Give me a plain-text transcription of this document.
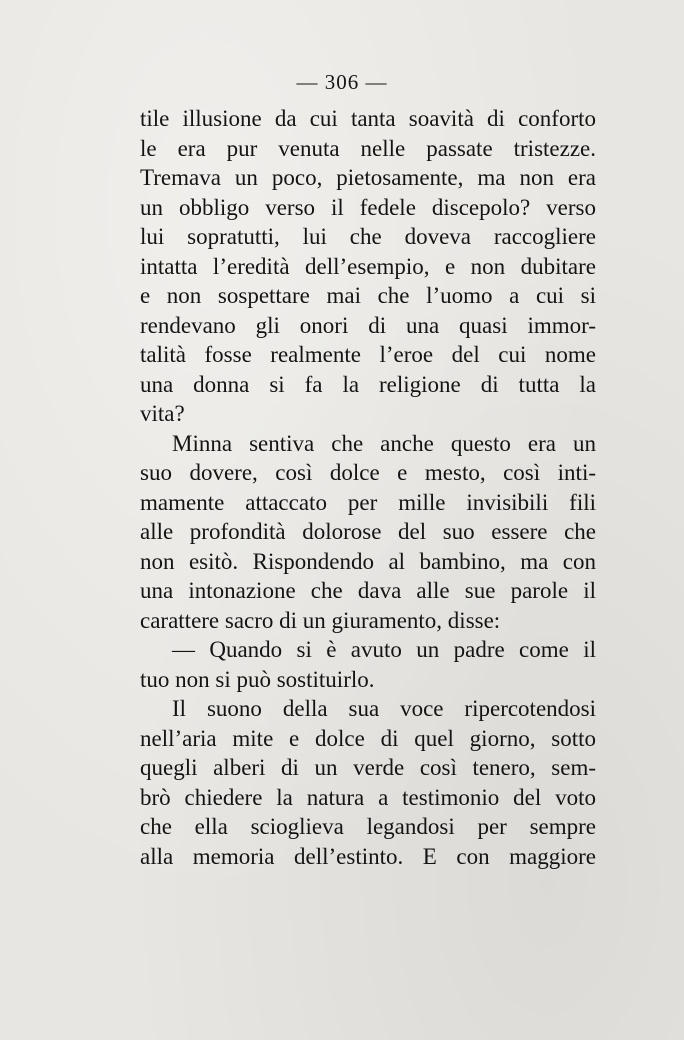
— 306 —
tile illusione da cui tanta soavità di conforto
le era pur venuta nelle passate tristezze.
Tremava un poco, pietosamente, ma non era
un obbligo verso il fedele discepolo? verso
lui sopratutti, lui che doveva raccogliere
intatta l’eredità dell’esempio, e non dubitare
e non sospettare mai che l’uomo a cui si
rendevano gli onori di una quasi immor-
talità fosse realmente l’eroe del cui nome
una donna si fa la religione di tutta la
vita?
Minna sentiva che anche questo era un
suo dovere, così dolce e mesto, così inti-
mamente attaccato per mille invisibili fili
alle profondità dolorose del suo essere che
non esitò. Rispondendo al bambino, ma con
una intonazione che dava alle sue parole il
carattere sacro di un giuramento, disse:
— Quando si è avuto un padre come il
tuo non si può sostituirlo.
Il suono della sua voce ripercotendosi
nell’aria mite e dolce di quel giorno, sotto
quegli alberi di un verde così tenero, sem-
brò chiedere la natura a testimonio del voto
che ella scioglieva legandosi per sempre
alla memoria dell’estinto. E con maggiore
